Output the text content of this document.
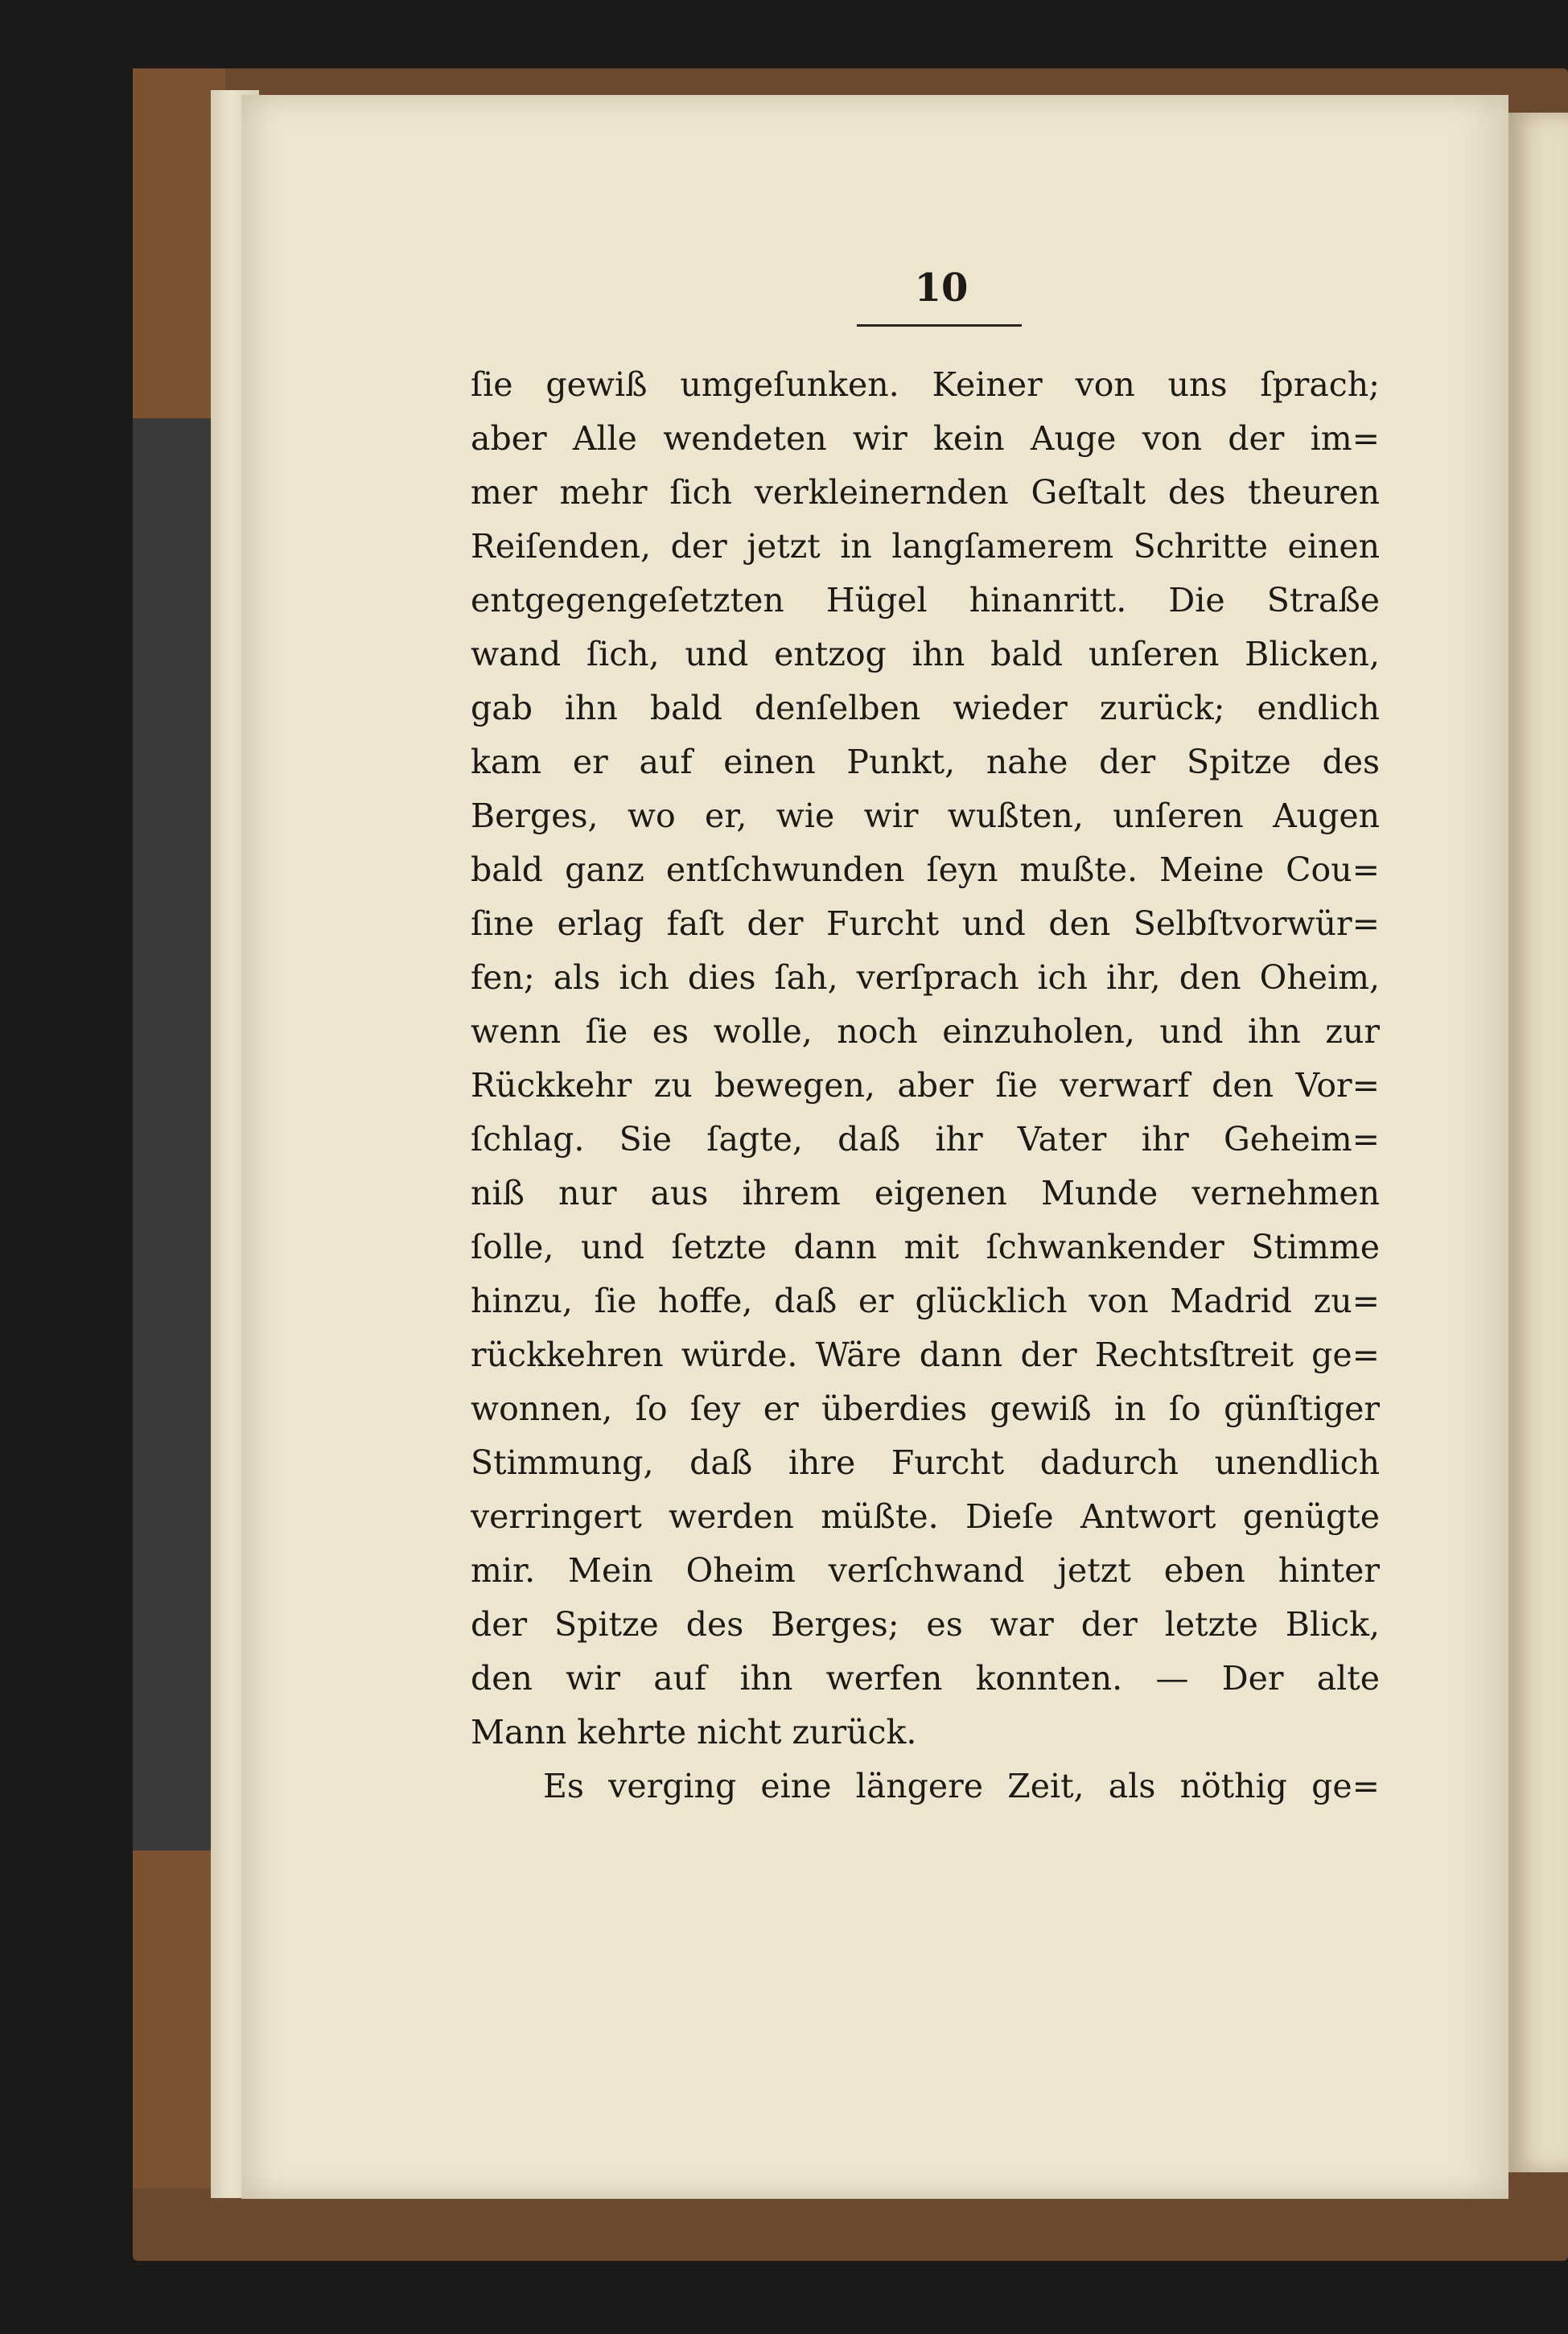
10
ſie gewiß umgeſunken. Keiner von uns ſprach;
aber Alle wendeten wir kein Auge von der im=
mer mehr ſich verkleinernden Geſtalt des theuren
Reiſenden, der jetzt in langſamerem Schritte einen
entgegengeſetzten Hügel hinanritt. Die Straße
wand ſich, und entzog ihn bald unſeren Blicken,
gab ihn bald denſelben wieder zurück; endlich
kam er auf einen Punkt, nahe der Spitze des
Berges, wo er, wie wir wußten, unſeren Augen
bald ganz entſchwunden ſeyn mußte. Meine Cou=
ſine erlag faſt der Furcht und den Selbſtvorwür=
fen; als ich dies ſah, verſprach ich ihr, den Oheim,
wenn ſie es wolle, noch einzuholen, und ihn zur
Rückkehr zu bewegen, aber ſie verwarf den Vor=
ſchlag. Sie ſagte, daß ihr Vater ihr Geheim=
niß nur aus ihrem eigenen Munde vernehmen
ſolle, und ſetzte dann mit ſchwankender Stimme
hinzu, ſie hoffe, daß er glücklich von Madrid zu=
rückkehren würde. Wäre dann der Rechtsſtreit ge=
wonnen, ſo ſey er überdies gewiß in ſo günſtiger
Stimmung, daß ihre Furcht dadurch unendlich
verringert werden müßte. Dieſe Antwort genügte
mir. Mein Oheim verſchwand jetzt eben hinter
der Spitze des Berges; es war der letzte Blick,
den wir auf ihn werfen konnten. — Der alte
Mann kehrte nicht zurück.
Es verging eine längere Zeit, als nöthig ge=
